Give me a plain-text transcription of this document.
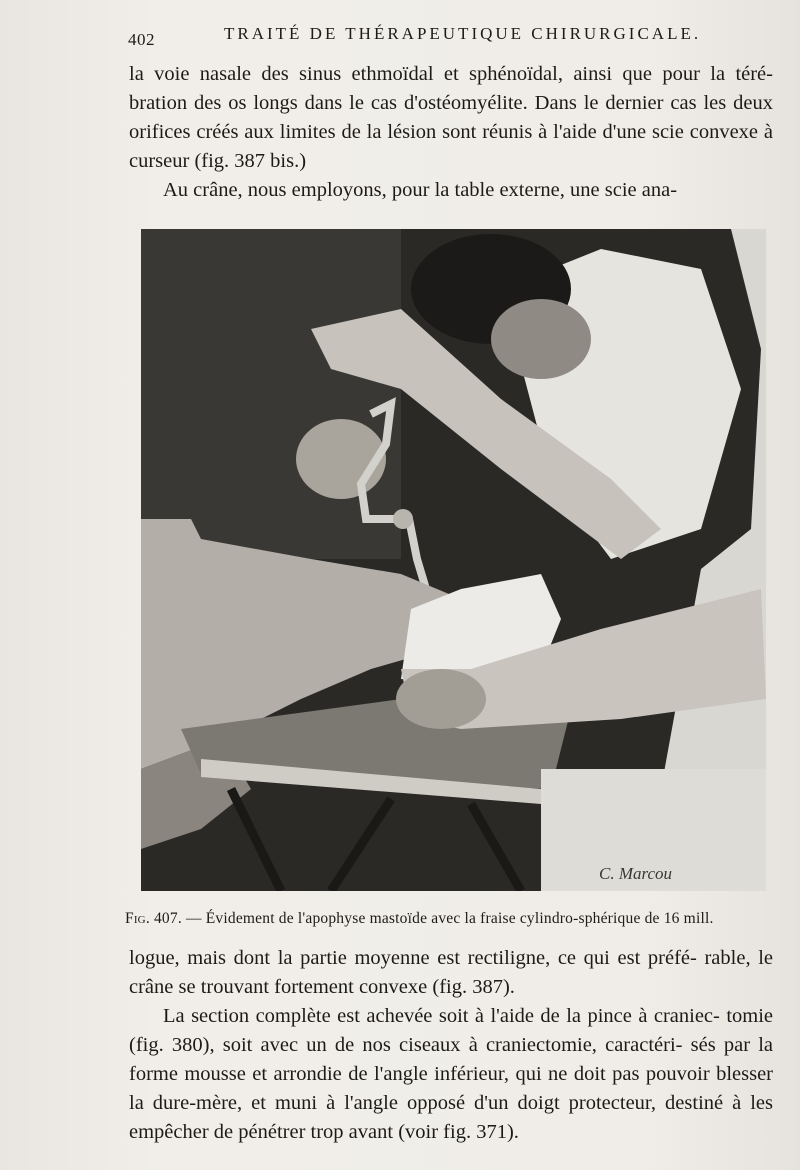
402	TRAITÉ DE THÉRAPEUTIQUE CHIRURGICALE.

la voie nasale des sinus ethmoïdal et sphénoïdal, ainsi que pour la téré- bration des os longs dans le cas d'ostéomyélite. Dans le dernier cas les deux orifices créés aux limites de la lésion sont réunis à l'aide d'une scie convexe à curseur (fig. 387 bis.)

Au crâne, nous employons, pour la table externe, une scie ana-

C. Marcou
Fig. 407. — Évidement de l'apophyse mastoïde avec la fraise cylindro-sphérique de 16 mill.

logue, mais dont la partie moyenne est rectiligne, ce qui est préfé- rable, le crâne se trouvant fortement convexe (fig. 387).

La section complète est achevée soit à l'aide de la pince à craniec- tomie (fig. 380), soit avec un de nos ciseaux à craniectomie, caractéri- sés par la forme mousse et arrondie de l'angle inférieur, qui ne doit pas pouvoir blesser la dure-mère, et muni à l'angle opposé d'un doigt protecteur, destiné à les empêcher de pénétrer trop avant (voir fig. 371).
